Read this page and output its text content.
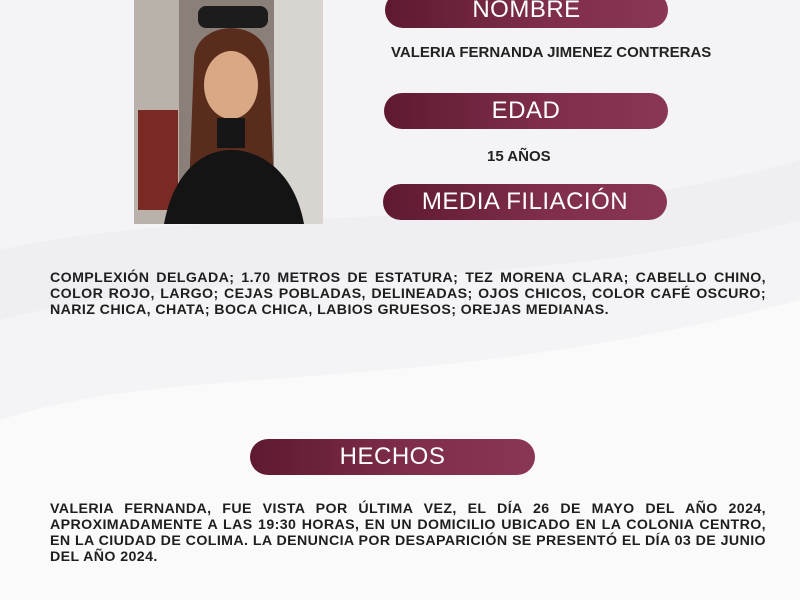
NOMBRE
VALERIA FERNANDA JIMENEZ CONTRERAS
EDAD
15 AÑOS
MEDIA FILIACIÓN
COMPLEXIÓN DELGADA; 1.70 METROS DE ESTATURA; TEZ MORENA CLARA; CABELLO CHINO, COLOR ROJO, LARGO; CEJAS POBLADAS, DELINEADAS; OJOS CHICOS, COLOR CAFÉ OSCURO; NARIZ CHICA, CHATA; BOCA CHICA, LABIOS GRUESOS; OREJAS MEDIANAS.
HECHOS
VALERIA FERNANDA, FUE VISTA POR ÚLTIMA VEZ, EL DÍA 26 DE MAYO DEL AÑO 2024, APROXIMADAMENTE A LAS 19:30 HORAS, EN UN DOMICILIO UBICADO EN LA COLONIA CENTRO, EN LA CIUDAD DE COLIMA. LA DENUNCIA POR DESAPARICIÓN SE PRESENTÓ EL DÍA 03 DE JUNIO DEL AÑO 2024.
